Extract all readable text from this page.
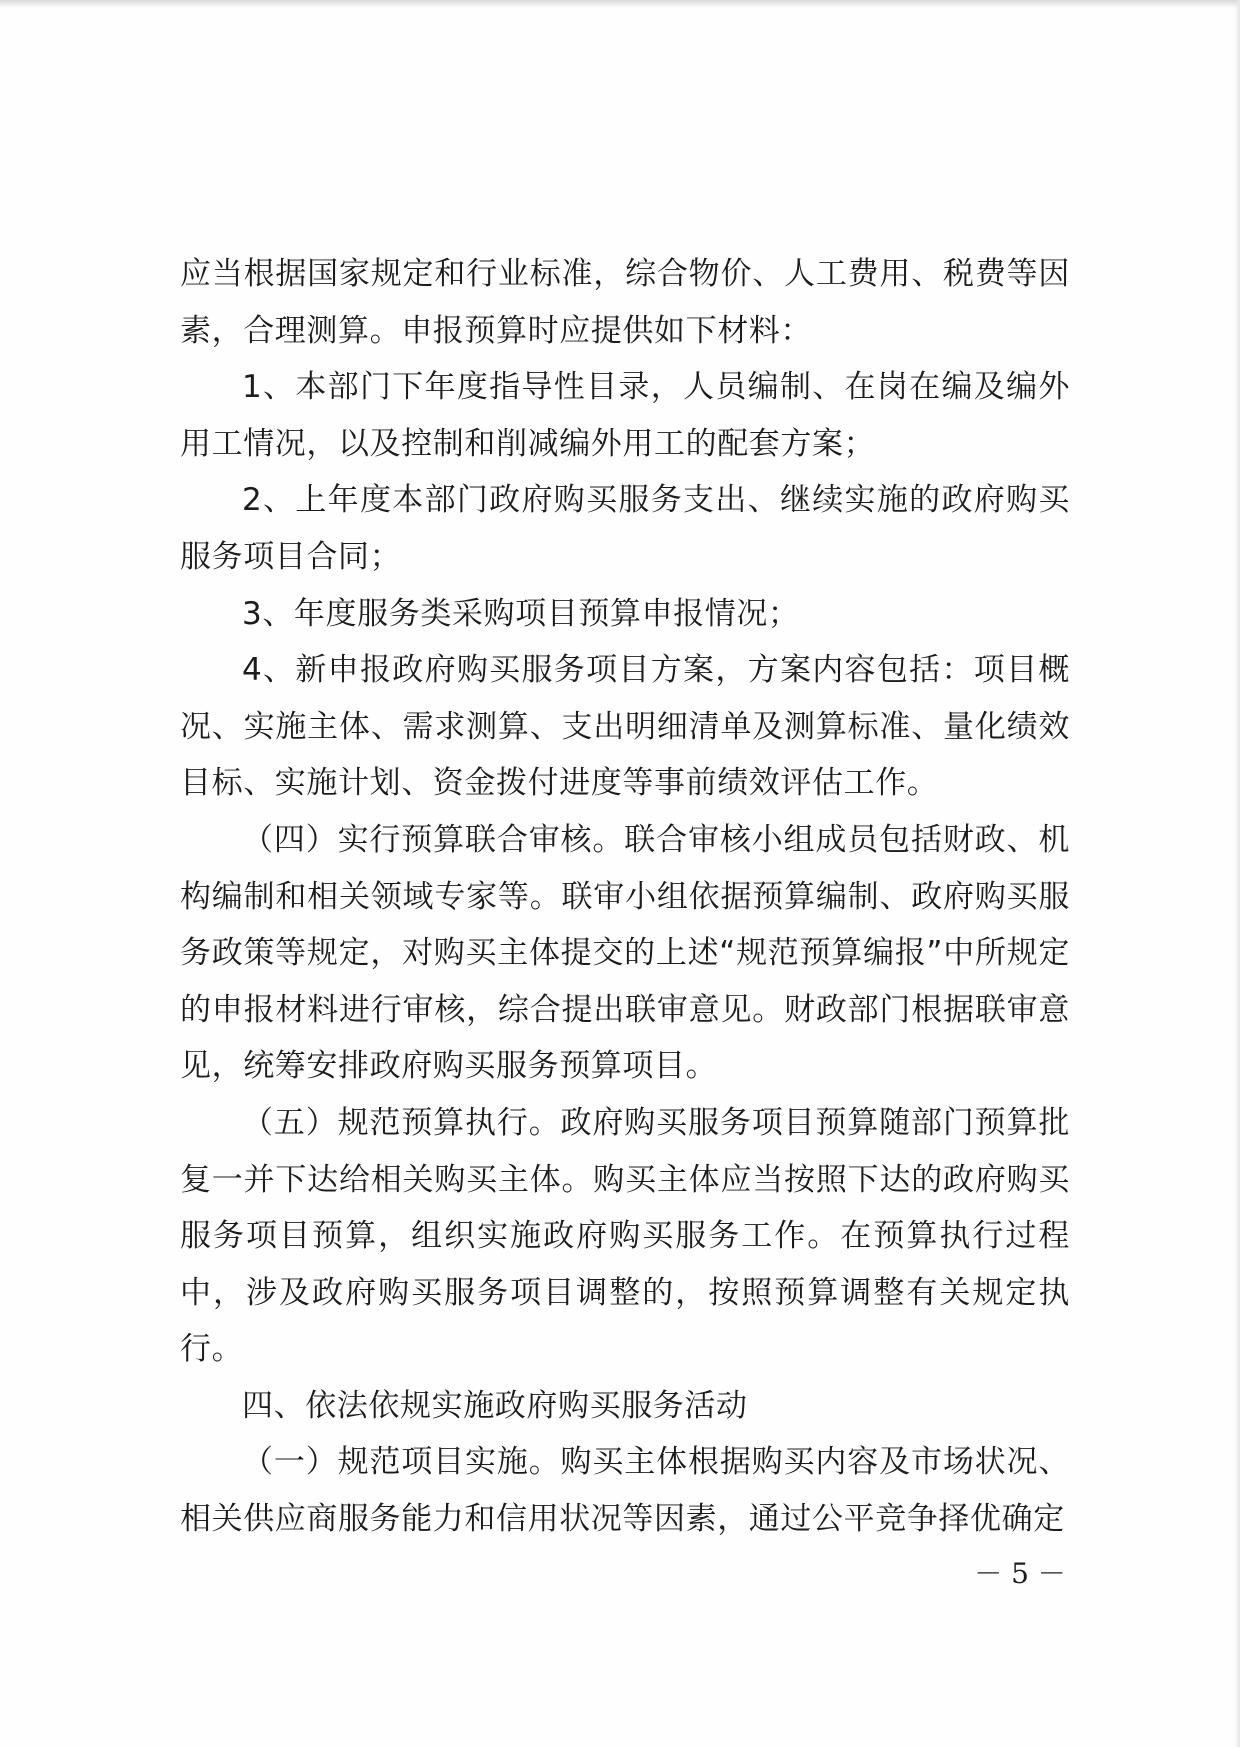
应当根据国家规定和行业标准，综合物价、人工费用、税费等因素，合理测算。申报预算时应提供如下材料：

1、本部门下年度指导性目录，人员编制、在岗在编及编外用工情况，以及控制和削减编外用工的配套方案；

2、上年度本部门政府购买服务支出、继续实施的政府购买服务项目合同；

3、年度服务类采购项目预算申报情况；

4、新申报政府购买服务项目方案，方案内容包括：项目概况、实施主体、需求测算、支出明细清单及测算标准、量化绩效目标、实施计划、资金拨付进度等事前绩效评估工作。

（四）实行预算联合审核。联合审核小组成员包括财政、机构编制和相关领域专家等。联审小组依据预算编制、政府购买服务政策等规定，对购买主体提交的上述“规范预算编报”中所规定的申报材料进行审核，综合提出联审意见。财政部门根据联审意见，统筹安排政府购买服务预算项目。

（五）规范预算执行。政府购买服务项目预算随部门预算批复一并下达给相关购买主体。购买主体应当按照下达的政府购买服务项目预算，组织实施政府购买服务工作。在预算执行过程中，涉及政府购买服务项目调整的，按照预算调整有关规定执行。

四、依法依规实施政府购买服务活动

（一）规范项目实施。购买主体根据购买内容及市场状况、相关供应商服务能力和信用状况等因素，通过公平竞争择优确定

－ 5 －
